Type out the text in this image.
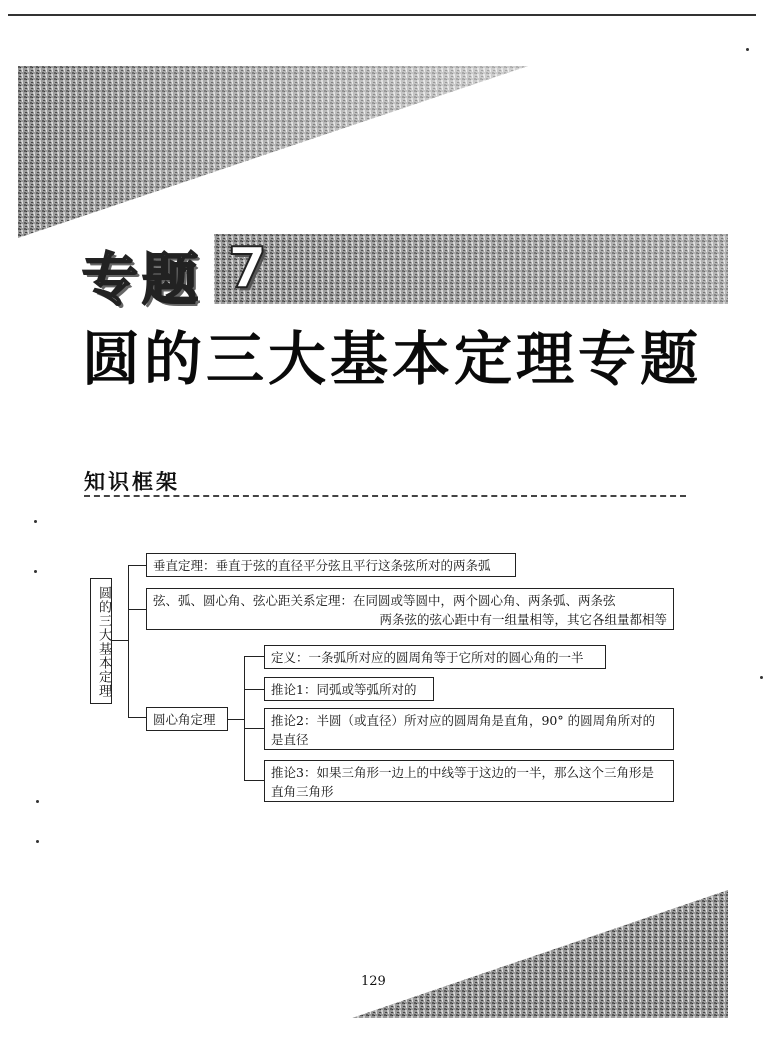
专题 7
圆的三大基本定理专题
知识框架
圆的三大基本定理
垂直定理：垂直于弦的直径平分弦且平行这条弦所对的两条弧
弦、弧、圆心角、弦心距关系定理：在同圆或等圆中，两个圆心角、两条弧、两条弦
两条弦的弦心距中有一组量相等，其它各组量都相等
圆心角定理
定义：一条弧所对应的圆周角等于它所对的圆心角的一半
推论1：同弧或等弧所对的
推论2：半圆（或直径）所对应的圆周角是直角，90° 的圆周角所对的
是直径
推论3：如果三角形一边上的中线等于这边的一半，那么这个三角形是
直角三角形
129
